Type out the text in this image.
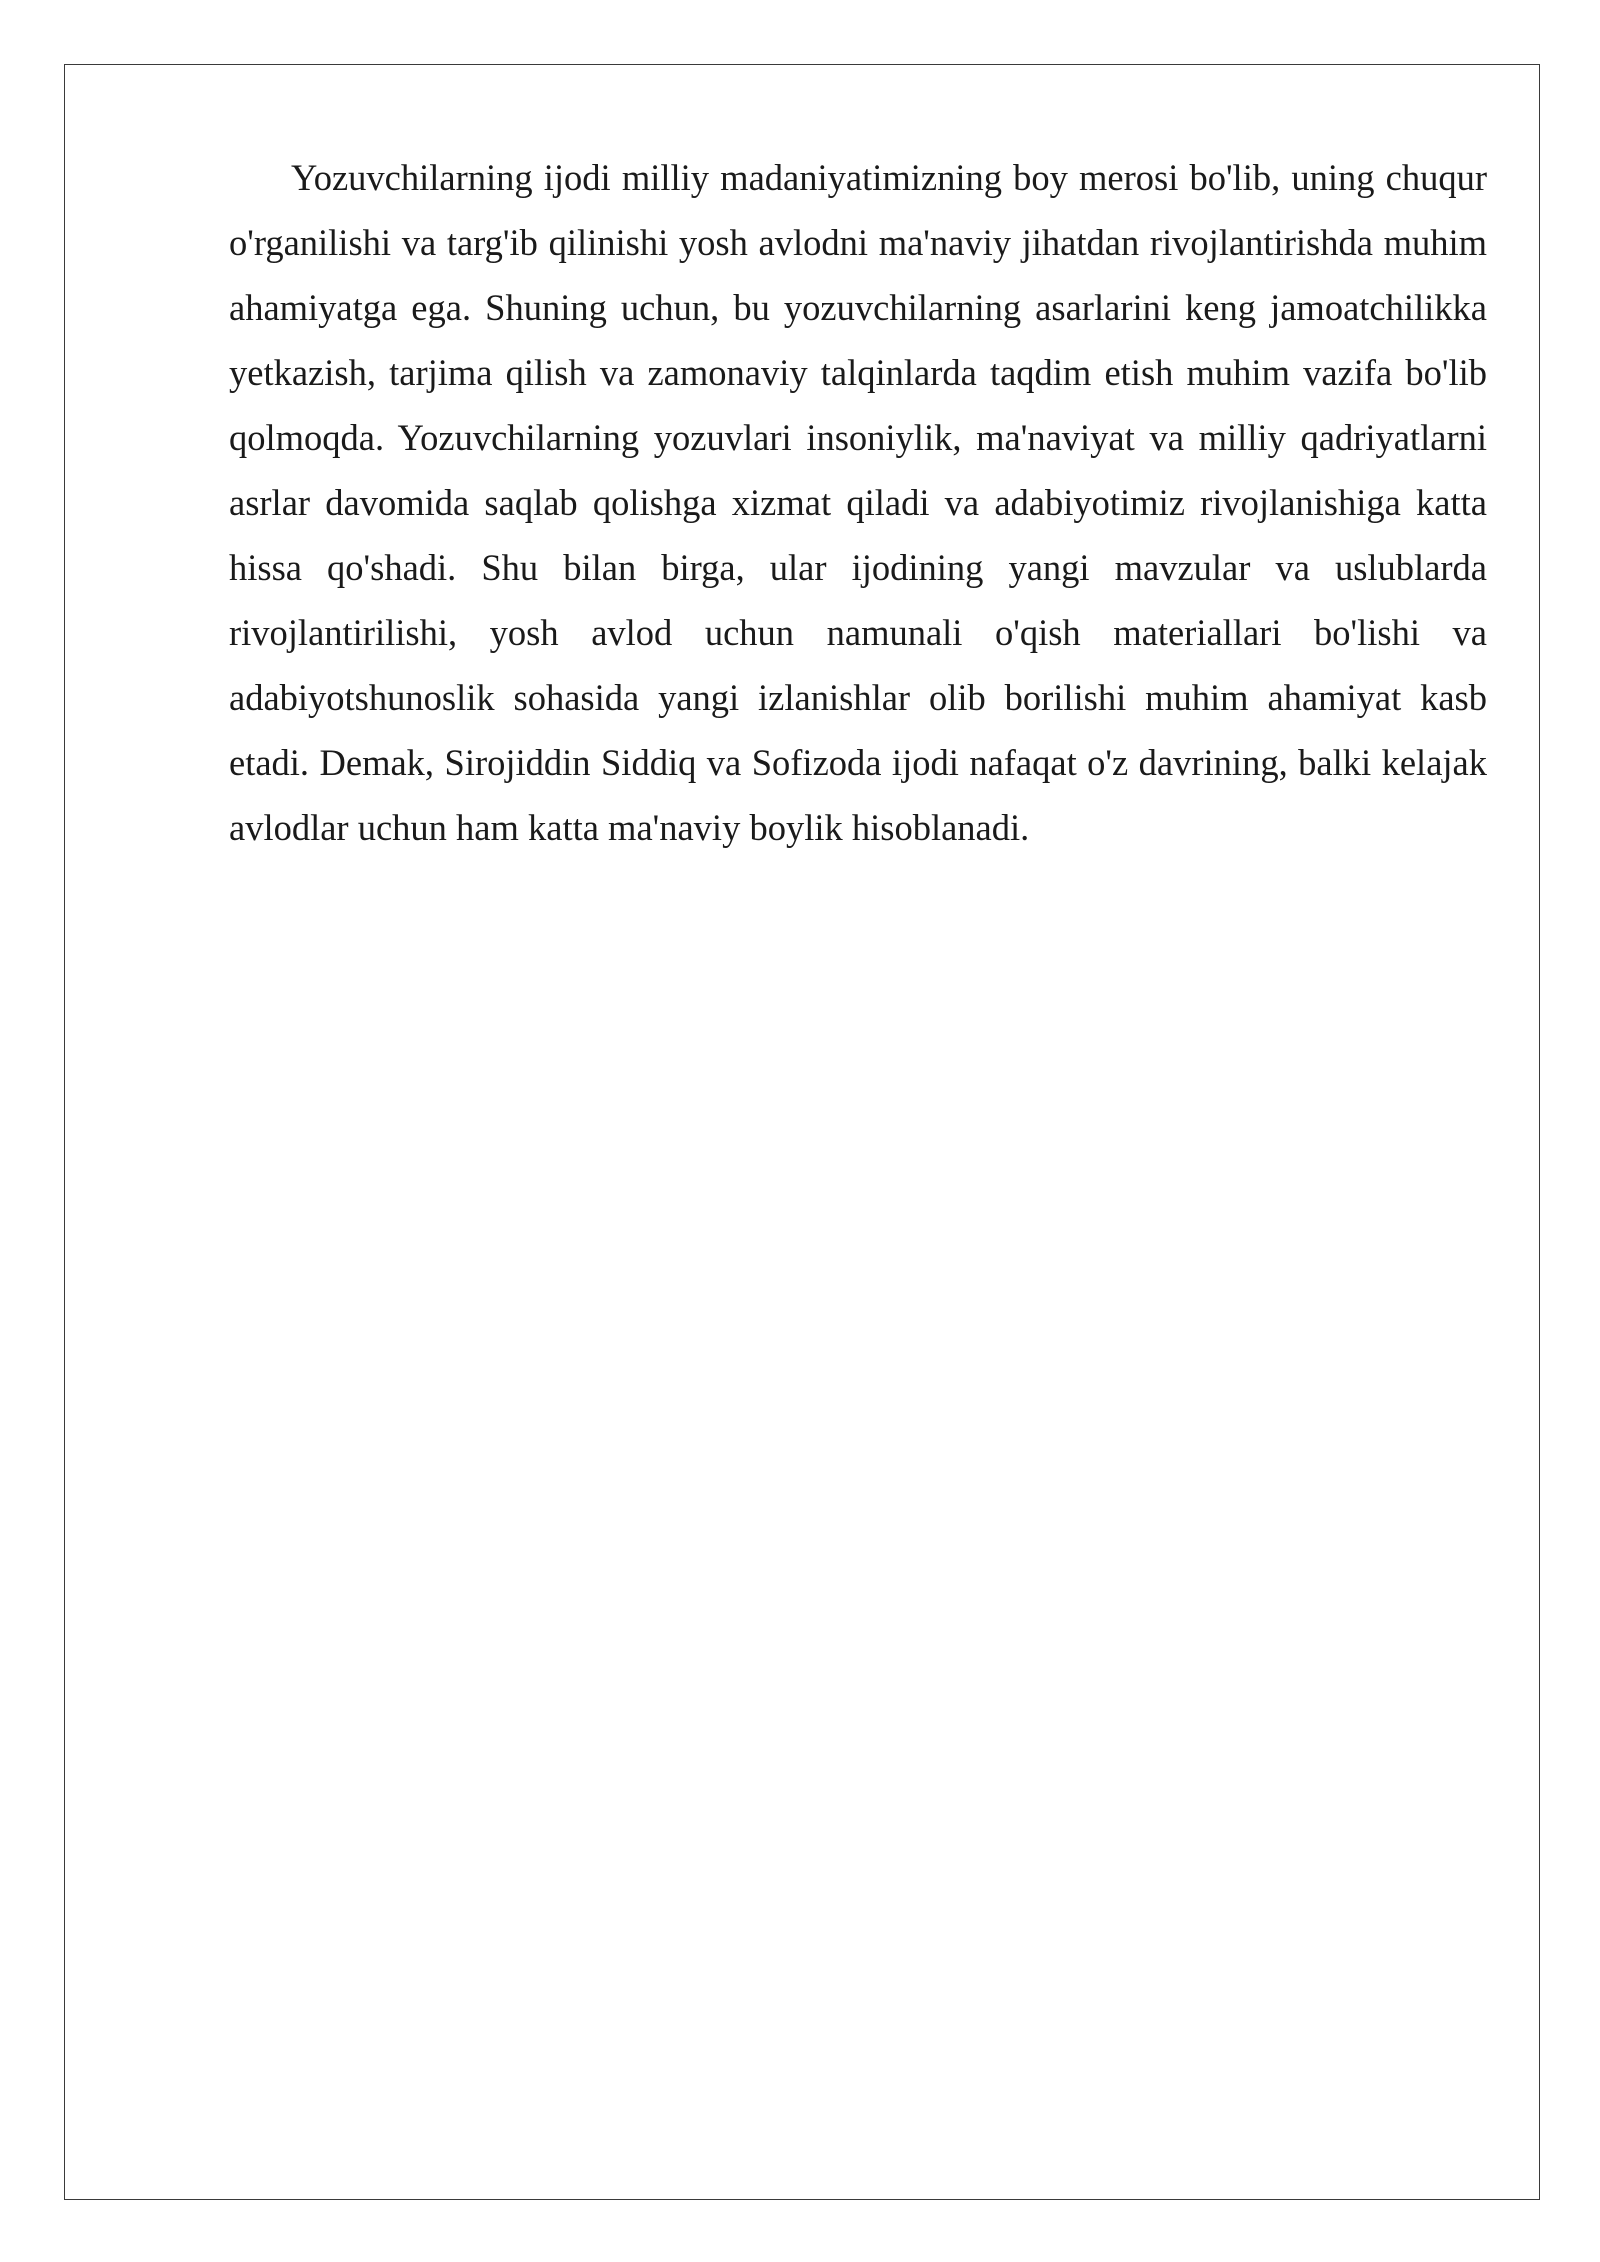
Yozuvchilarning ijodi milliy madaniyatimizning boy merosi bo'lib, uning chuqur o'rganilishi va targ'ib qilinishi yosh avlodni ma'naviy jihatdan rivojlantirishda muhim ahamiyatga ega. Shuning uchun, bu yozuvchilarning asarlarini keng jamoatchilikka yetkazish, tarjima qilish va zamonaviy talqinlarda taqdim etish muhim vazifa bo'lib qolmoqda. Yozuvchilarning yozuvlari insoniylik, ma'naviyat va milliy qadriyatlarni asrlar davomida saqlab qolishga xizmat qiladi va adabiyotimiz rivojlanishiga katta hissa qo'shadi. Shu bilan birga, ular ijodining yangi mavzular va uslublarda rivojlantirilishi, yosh avlod uchun namunali o'qish materiallari bo'lishi va adabiyotshunoslik sohasida yangi izlanishlar olib borilishi muhim ahamiyat kasb etadi. Demak, Sirojiddin Siddiq va Sofizoda ijodi nafaqat o'z davrining, balki kelajak avlodlar uchun ham katta ma'naviy boylik hisoblanadi.
